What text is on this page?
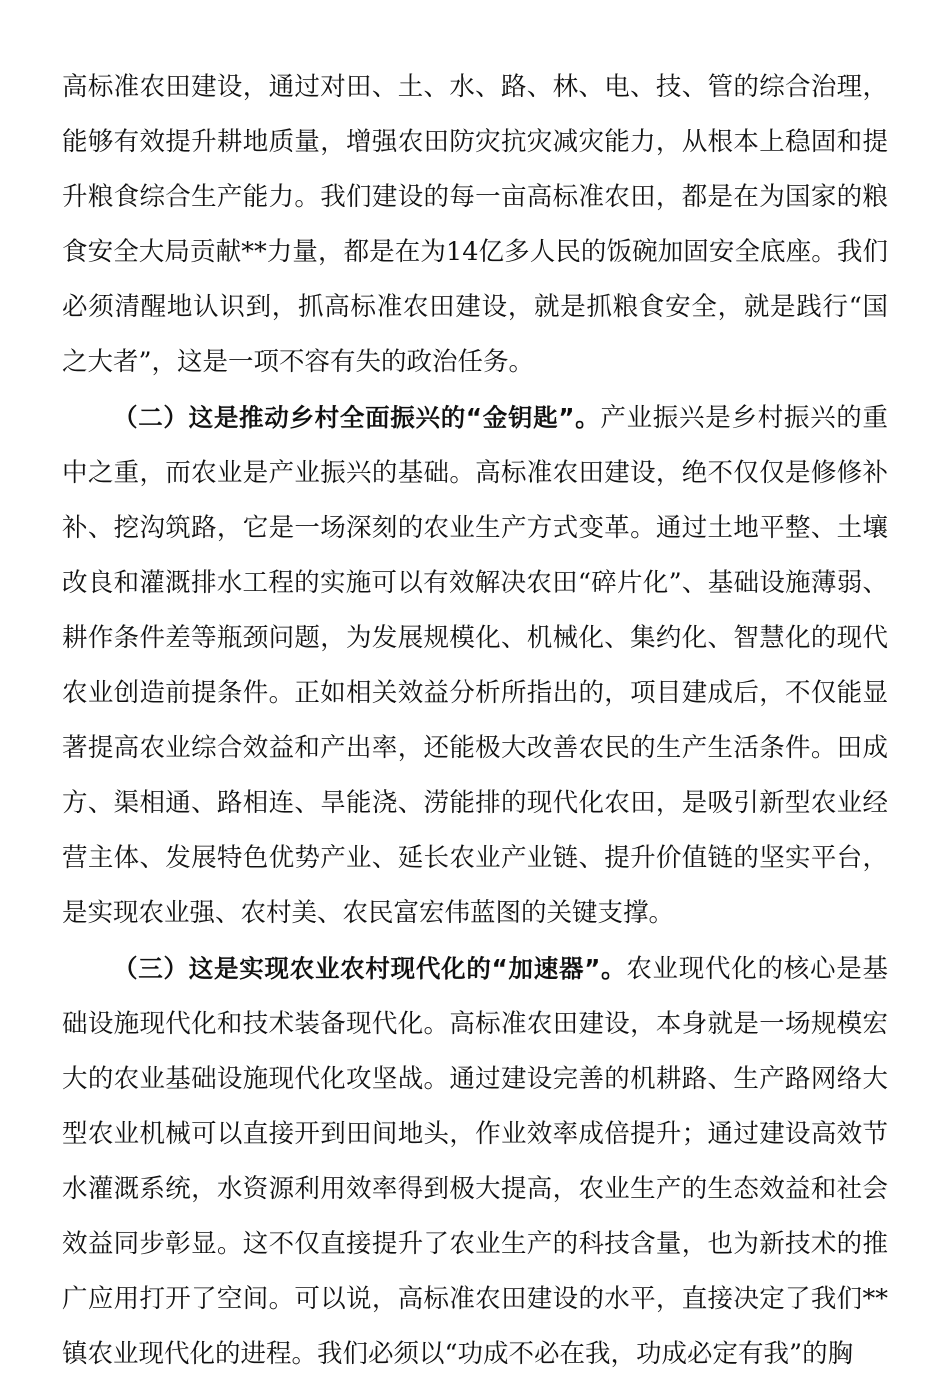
高标准农田建设，通过对田、土、水、路、林、电、技、管的综合治理，能够有效提升耕地质量，增强农田防灾抗灾减灾能力，从根本上稳固和提升粮食综合生产能力。我们建设的每一亩高标准农田，都是在为国家的粮食安全大局贡献**力量，都是在为14亿多人民的饭碗加固安全底座。我们必须清醒地认识到，抓高标准农田建设，就是抓粮食安全，就是践行“国之大者”，这是一项不容有失的政治任务。

（二）这是推动乡村全面振兴的“金钥匙”。产业振兴是乡村振兴的重中之重，而农业是产业振兴的基础。高标准农田建设，绝不仅仅是修修补补、挖沟筑路，它是一场深刻的农业生产方式变革。通过土地平整、土壤改良和灌溉排水工程的实施可以有效解决农田“碎片化”、基础设施薄弱、耕作条件差等瓶颈问题，为发展规模化、机械化、集约化、智慧化的现代农业创造前提条件。正如相关效益分析所指出的，项目建成后，不仅能显著提高农业综合效益和产出率，还能极大改善农民的生产生活条件。田成方、渠相通、路相连、旱能浇、涝能排的现代化农田，是吸引新型农业经营主体、发展特色优势产业、延长农业产业链、提升价值链的坚实平台，是实现农业强、农村美、农民富宏伟蓝图的关键支撑。

（三）这是实现农业农村现代化的“加速器”。农业现代化的核心是基础设施现代化和技术装备现代化。高标准农田建设，本身就是一场规模宏大的农业基础设施现代化攻坚战。通过建设完善的机耕路、生产路网络大型农业机械可以直接开到田间地头，作业效率成倍提升；通过建设高效节水灌溉系统，水资源利用效率得到极大提高，农业生产的生态效益和社会效益同步彰显。这不仅直接提升了农业生产的科技含量，也为新技术的推广应用打开了空间。可以说，高标准农田建设的水平，直接决定了我们**镇农业现代化的进程。我们必须以“功成不必在我，功成必定有我”的胸
